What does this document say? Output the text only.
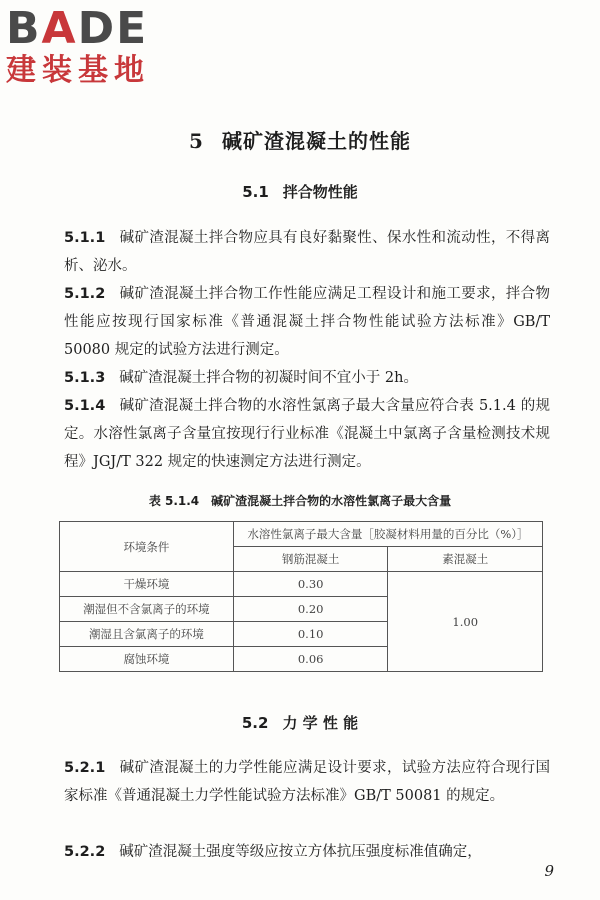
BADE
建装基地
5 碱矿渣混凝土的性能
5.1 拌合物性能
5.1.1 碱矿渣混凝土拌合物应具有良好黏聚性、保水性和流动性，不得离析、泌水。
5.1.2 碱矿渣混凝土拌合物工作性能应满足工程设计和施工要求，拌合物性能应按现行国家标准《普通混凝土拌合物性能试验方法标准》GB/T 50080 规定的试验方法进行测定。
5.1.3 碱矿渣混凝土拌合物的初凝时间不宜小于 2h。
5.1.4 碱矿渣混凝土拌合物的水溶性氯离子最大含量应符合表 5.1.4 的规定。水溶性氯离子含量宜按现行行业标准《混凝土中氯离子含量检测技术规程》JGJ/T 322 规定的快速测定方法进行测定。
表 5.1.4 碱矿渣混凝土拌合物的水溶性氯离子最大含量
环境条件	水溶性氯离子最大含量［胶凝材料用量的百分比（%）］	
	钢筋混凝土	素混凝土
干燥环境	0.30	1.00
潮湿但不含氯离子的环境	0.20	
潮湿且含氯离子的环境	0.10	
腐蚀环境	0.06	
5.2 力 学 性 能
5.2.1 碱矿渣混凝土的力学性能应满足设计要求，试验方法应符合现行国家标准《普通混凝土力学性能试验方法标准》GB/T 50081 的规定。
5.2.2 碱矿渣混凝土强度等级应按立方体抗压强度标准值确定，
9
